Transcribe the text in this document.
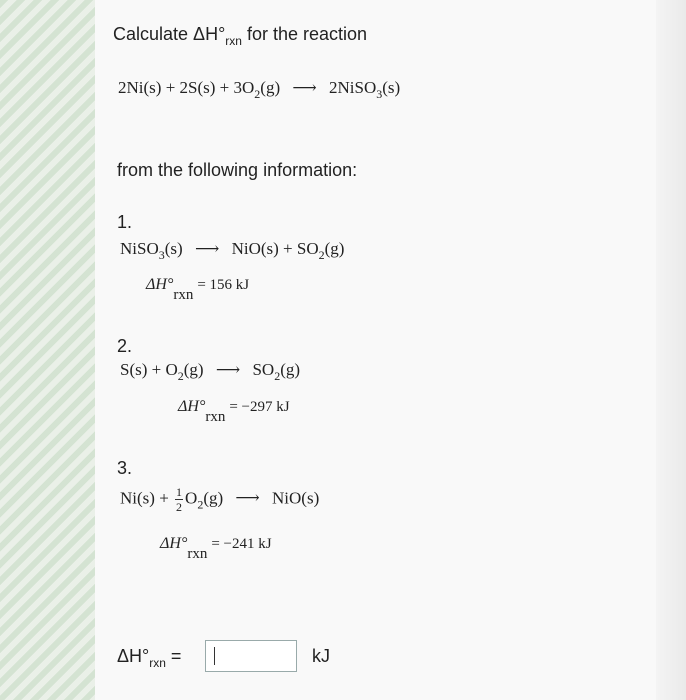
Calculate $\Delta H^\circ_{rxn}$ for the reaction
$2Ni(s) + 2S(s) + 3O_2(g)$ ⟶ 2NiSO$_3$(s)
from the following information:
1.
NiSO$_3$(s) ⟶ $NiO(s) + SO_2(g)$
ΔH°rxn = 156 kJ
2.
$S(s) + O_2(g)$ ⟶ $SO_2(g)$
ΔH°rxn = −297 kJ
3.
$Ni(s) + \frac{1}{2} O_2(g)$ ⟶ NiO(s)
ΔH°rxn = −241 kJ
$\Delta H^\circ_{rxn}$ =	kJ
